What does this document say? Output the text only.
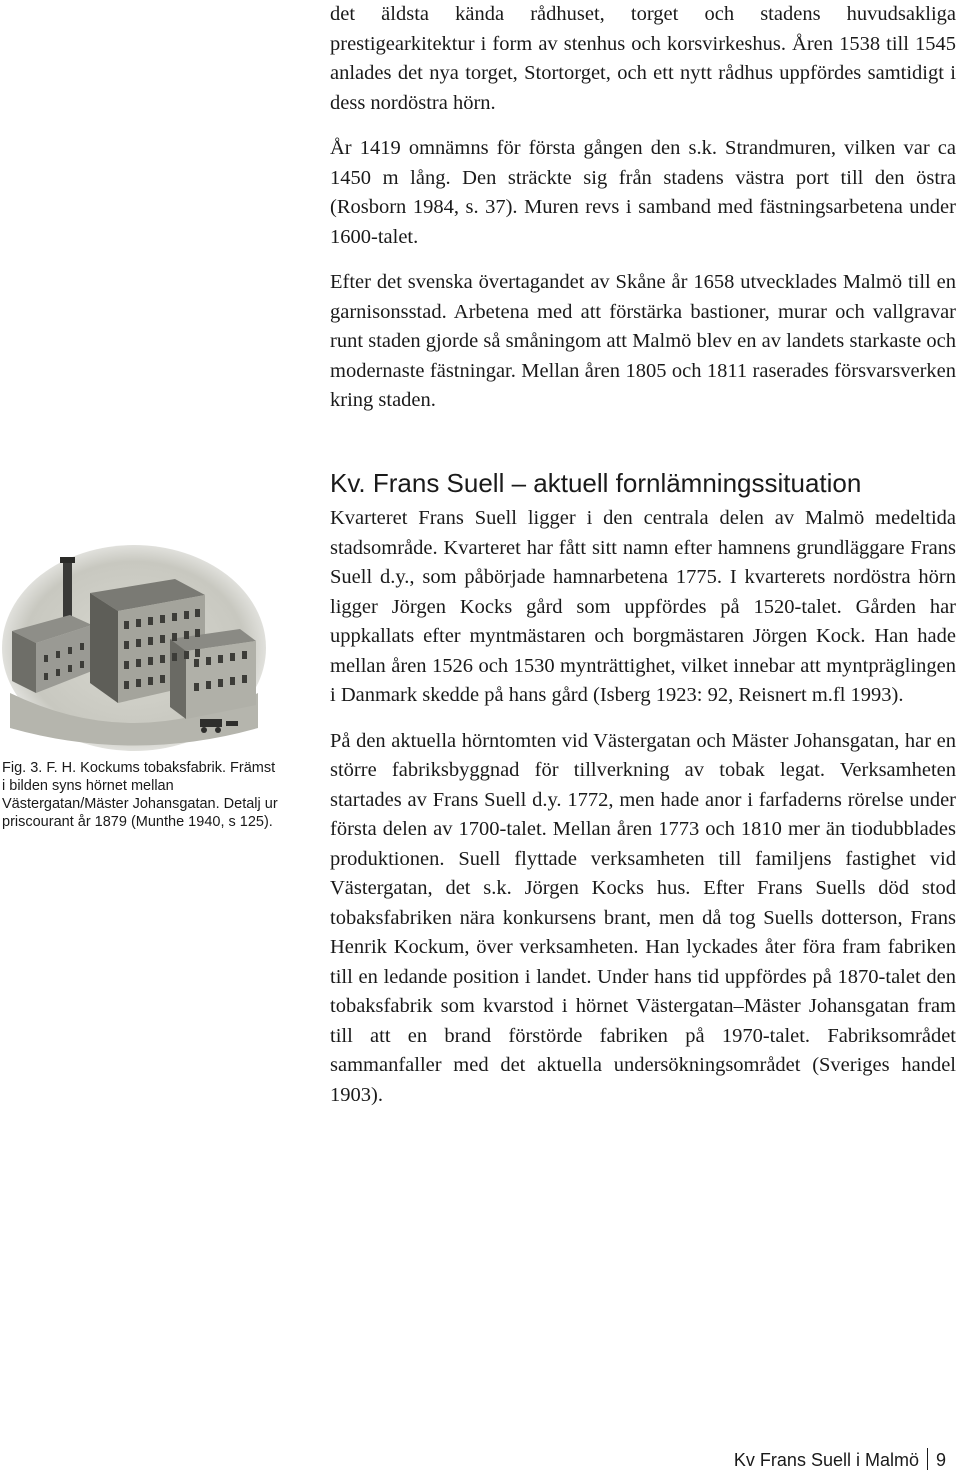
det äldsta kända rådhuset, torget och stadens huvudsakliga prestigearkitektur i form av stenhus och korsvirkeshus. Åren 1538 till 1545 anlades det nya torget, Stortorget, och ett nytt rådhus uppfördes samtidigt i dess nordöstra hörn.

År 1419 omnämns för första gången den s.k. Strandmuren, vilken var ca 1450 m lång. Den sträckte sig från stadens västra port till den östra (Rosborn 1984, s. 37). Muren revs i samband med fästningsarbetena under 1600-talet.

Efter det svenska övertagandet av Skåne år 1658 utvecklades Malmö till en garnisonsstad. Arbetena med att förstärka bastioner, murar och vallgravar runt staden gjorde så småningom att Malmö blev en av landets starkaste och modernaste fästningar. Mellan åren 1805 och 1811 raserades försvarsverken kring staden.

Kv. Frans Suell – aktuell fornlämningssituation

Kvarteret Frans Suell ligger i den centrala delen av Malmö medeltida stadsområde. Kvarteret har fått sitt namn efter hamnens grundläggare Frans Suell d.y., som påbörjade hamnarbetena 1775. I kvarterets nordöstra hörn ligger Jörgen Kocks gård som uppfördes på 1520-talet. Gården har uppkallats efter myntmästaren och borgmästaren Jörgen Kock. Han hade mellan åren 1526 och 1530 mynträttighet, vilket innebar att myntpräglingen i Danmark skedde på hans gård (Isberg 1923: 92, Reisnert m.fl 1993).

På den aktuella hörntomten vid Västergatan och Mäster Johansgatan, har en större fabriksbyggnad för tillverkning av tobak legat. Verksamheten startades av Frans Suell d.y. 1772, men hade anor i farfaderns rörelse under första delen av 1700-talet. Mellan åren 1773 och 1810 mer än tiodubblades produktionen. Suell flyttade verksamheten till familjens fastighet vid Västergatan, det s.k. Jörgen Kocks hus. Efter Frans Suells död stod tobaksfabriken nära konkursens brant, men då tog Suells dotterson, Frans Henrik Kockum, över verksamheten. Han lyckades åter föra fram fabriken till en ledande position i landet. Under hans tid uppfördes på 1870-talet den tobaksfabrik som kvarstod i hörnet Västergatan–Mäster Johansgatan fram till att en brand förstörde fabriken på 1970-talet. Fabriksområdet sammanfaller med det aktuella undersökningsområdet (Sveriges handel 1903).

Fig. 3. F. H. Kockums tobaksfabrik. Främst i bilden syns hörnet mellan Västergatan/Mäster Johansgatan. Detalj ur priscourant år 1879 (Munthe 1940, s 125).
Kv Frans Suell i Malmö 9
